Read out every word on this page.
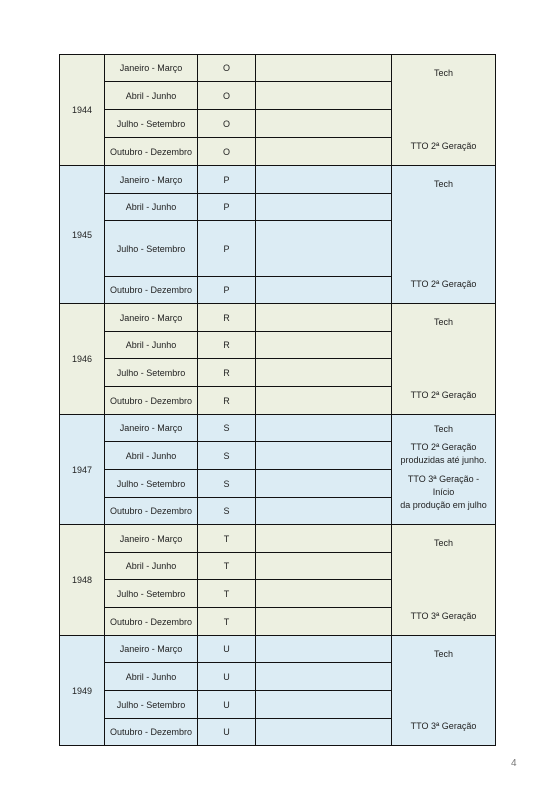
1944	Janeiro - Março	O		Tech
TTO 2ª Geração

	Abril - Junho	O		
	Julho - Setembro	O		
	Outubro - Dezembro	O		
1945	Janeiro - Março	P		Tech
TTO 2ª Geração

	Abril - Junho	P		
	Julho - Setembro	P		
	Outubro - Dezembro	P		
1946	Janeiro - Março	R		Tech
TTO 2ª Geração

	Abril - Junho	R		
	Julho - Setembro	R		
	Outubro - Dezembro	R		
1947	Janeiro - Março	S		Tech
TTO 2ª Geração
produzidas até junho.
TTO 3ª Geração - Início
da produção em julho

	Abril - Junho	S		
	Julho - Setembro	S		
	Outubro - Dezembro	S		
1948	Janeiro - Março	T		Tech
TTO 3ª Geração

	Abril - Junho	T		
	Julho - Setembro	T		
	Outubro - Dezembro	T		
1949	Janeiro - Março	U		Tech
TTO 3ª Geração

	Abril - Junho	U		
	Julho - Setembro	U		
	Outubro - Dezembro	U		
4
